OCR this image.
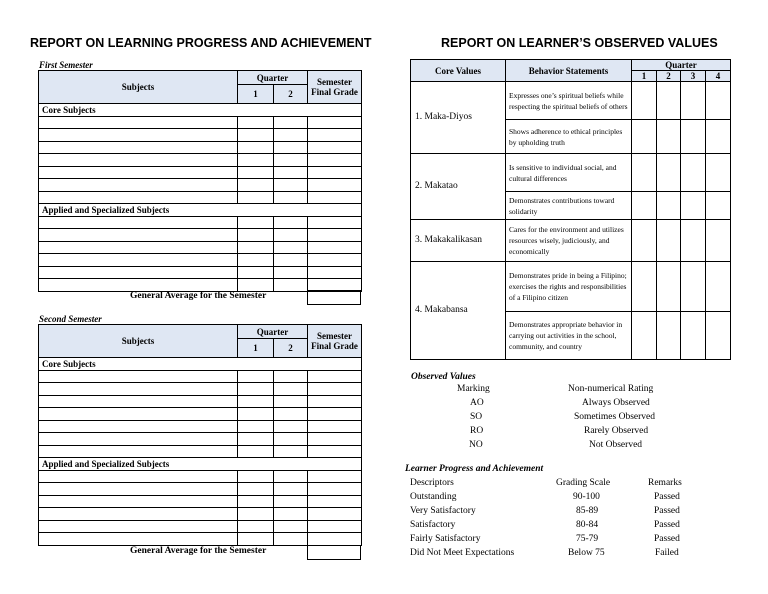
REPORT ON LEARNING PROGRESS AND ACHIEVEMENT
First Semester
Subjects	Quarter		Semester Final Grade
	1	2	
Core Subjects			

Applied and Specialized Subjects			

General Average for the Semester
Second Semester
Subjects	Quarter		Semester Final Grade
	1	2	
Core Subjects			

Applied and Specialized Subjects			

General Average for the Semester
REPORT ON LEARNER’S OBSERVED VALUES
Core Values	Behavior Statements	Quarter			
		1	2	3	4
1. Maka-Diyos	Expresses one’s spiritual beliefs while respecting the spiritual beliefs of others				
	Shows adherence to ethical principles by upholding truth				
2. Makatao	Is sensitive to individual social, and cultural differences				
	Demonstrates contributions toward solidarity				
3. Makakalikasan	Cares for the environment and utilizes resources wisely, judiciously, and economically				
4. Makabansa	Demonstrates pride in being a Filipino; exercises the rights and responsibilities of a Filipino citizen				
	Demonstrates appropriate behavior in carrying out activities in the school, community, and country				
Observed Values
Marking	Non-numerical Rating
AO	Always Observed
SO	Sometimes Observed
RO	Rarely Observed
NO	Not Observed
Learner Progress and Achievement
Descriptors	Grading Scale	Remarks
Outstanding	90-100	Passed
Very Satisfactory	85-89	Passed
Satisfactory	80-84	Passed
Fairly Satisfactory	75-79	Passed
Did Not Meet Expectations	Below 75	Failed
